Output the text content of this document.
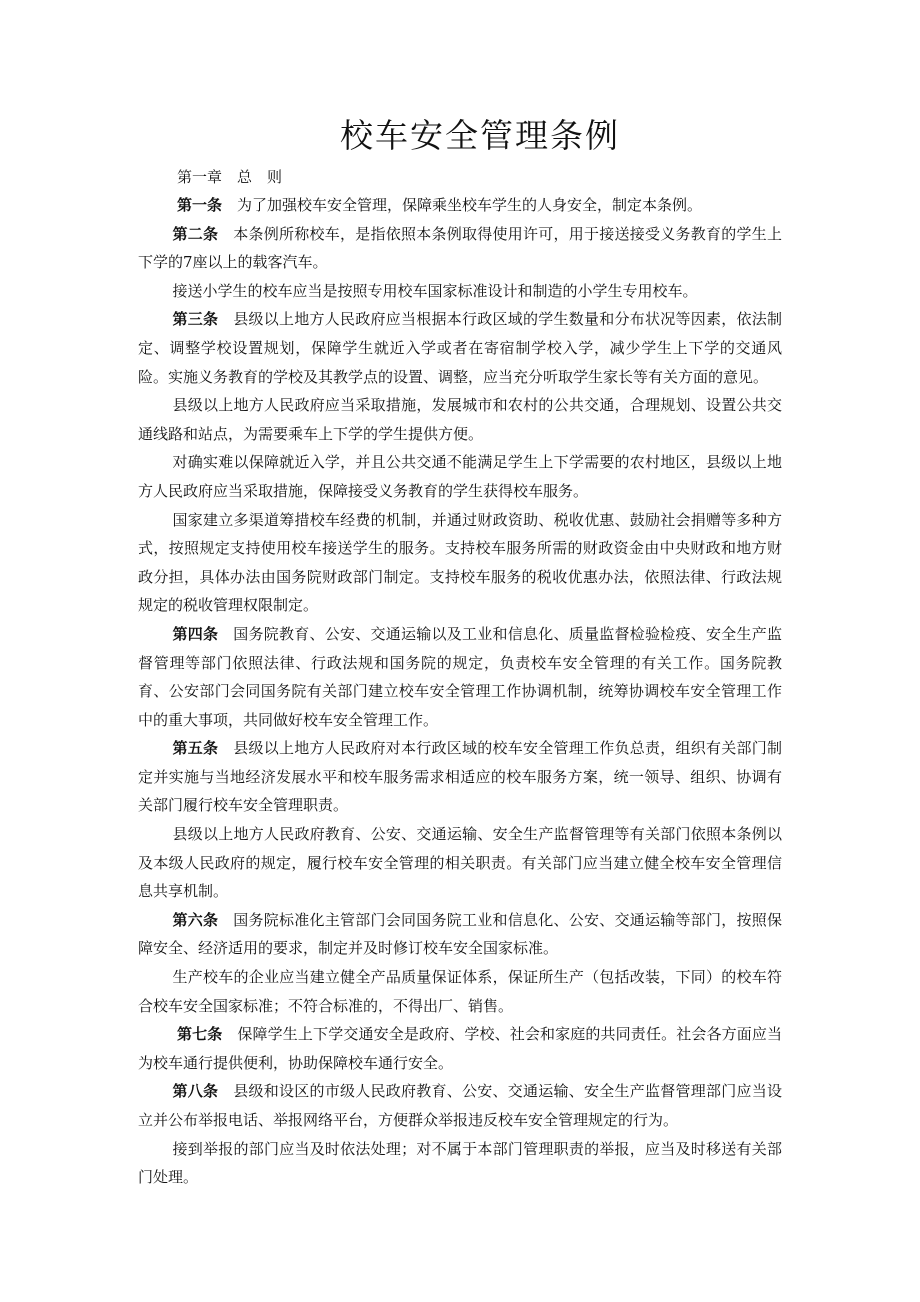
校车安全管理条例
第一章　总　则

第一条 为了加强校车安全管理，保障乘坐校车学生的人身安全，制定本条例。

第二条 本条例所称校车，是指依照本条例取得使用许可，用于接送接受义务教育的学生上下学的7座以上的载客汽车。

接送小学生的校车应当是按照专用校车国家标准设计和制造的小学生专用校车。

第三条 县级以上地方人民政府应当根据本行政区域的学生数量和分布状况等因素，依法制定、调整学校设置规划，保障学生就近入学或者在寄宿制学校入学，减少学生上下学的交通风险。实施义务教育的学校及其教学点的设置、调整，应当充分听取学生家长等有关方面的意见。

县级以上地方人民政府应当采取措施，发展城市和农村的公共交通，合理规划、设置公共交通线路和站点，为需要乘车上下学的学生提供方便。

对确实难以保障就近入学，并且公共交通不能满足学生上下学需要的农村地区，县级以上地方人民政府应当采取措施，保障接受义务教育的学生获得校车服务。

国家建立多渠道筹措校车经费的机制，并通过财政资助、税收优惠、鼓励社会捐赠等多种方式，按照规定支持使用校车接送学生的服务。支持校车服务所需的财政资金由中央财政和地方财政分担，具体办法由国务院财政部门制定。支持校车服务的税收优惠办法，依照法律、行政法规规定的税收管理权限制定。

第四条 国务院教育、公安、交通运输以及工业和信息化、质量监督检验检疫、安全生产监督管理等部门依照法律、行政法规和国务院的规定，负责校车安全管理的有关工作。国务院教育、公安部门会同国务院有关部门建立校车安全管理工作协调机制，统筹协调校车安全管理工作中的重大事项，共同做好校车安全管理工作。

第五条 县级以上地方人民政府对本行政区域的校车安全管理工作负总责，组织有关部门制定并实施与当地经济发展水平和校车服务需求相适应的校车服务方案，统一领导、组织、协调有关部门履行校车安全管理职责。

县级以上地方人民政府教育、公安、交通运输、安全生产监督管理等有关部门依照本条例以及本级人民政府的规定，履行校车安全管理的相关职责。有关部门应当建立健全校车安全管理信息共享机制。

第六条 国务院标准化主管部门会同国务院工业和信息化、公安、交通运输等部门，按照保障安全、经济适用的要求，制定并及时修订校车安全国家标准。

生产校车的企业应当建立健全产品质量保证体系，保证所生产（包括改装，下同）的校车符合校车安全国家标准；不符合标准的，不得出厂、销售。

第七条 保障学生上下学交通安全是政府、学校、社会和家庭的共同责任。社会各方面应当为校车通行提供便利，协助保障校车通行安全。

第八条 县级和设区的市级人民政府教育、公安、交通运输、安全生产监督管理部门应当设立并公布举报电话、举报网络平台，方便群众举报违反校车安全管理规定的行为。

接到举报的部门应当及时依法处理；对不属于本部门管理职责的举报，应当及时移送有关部门处理。
